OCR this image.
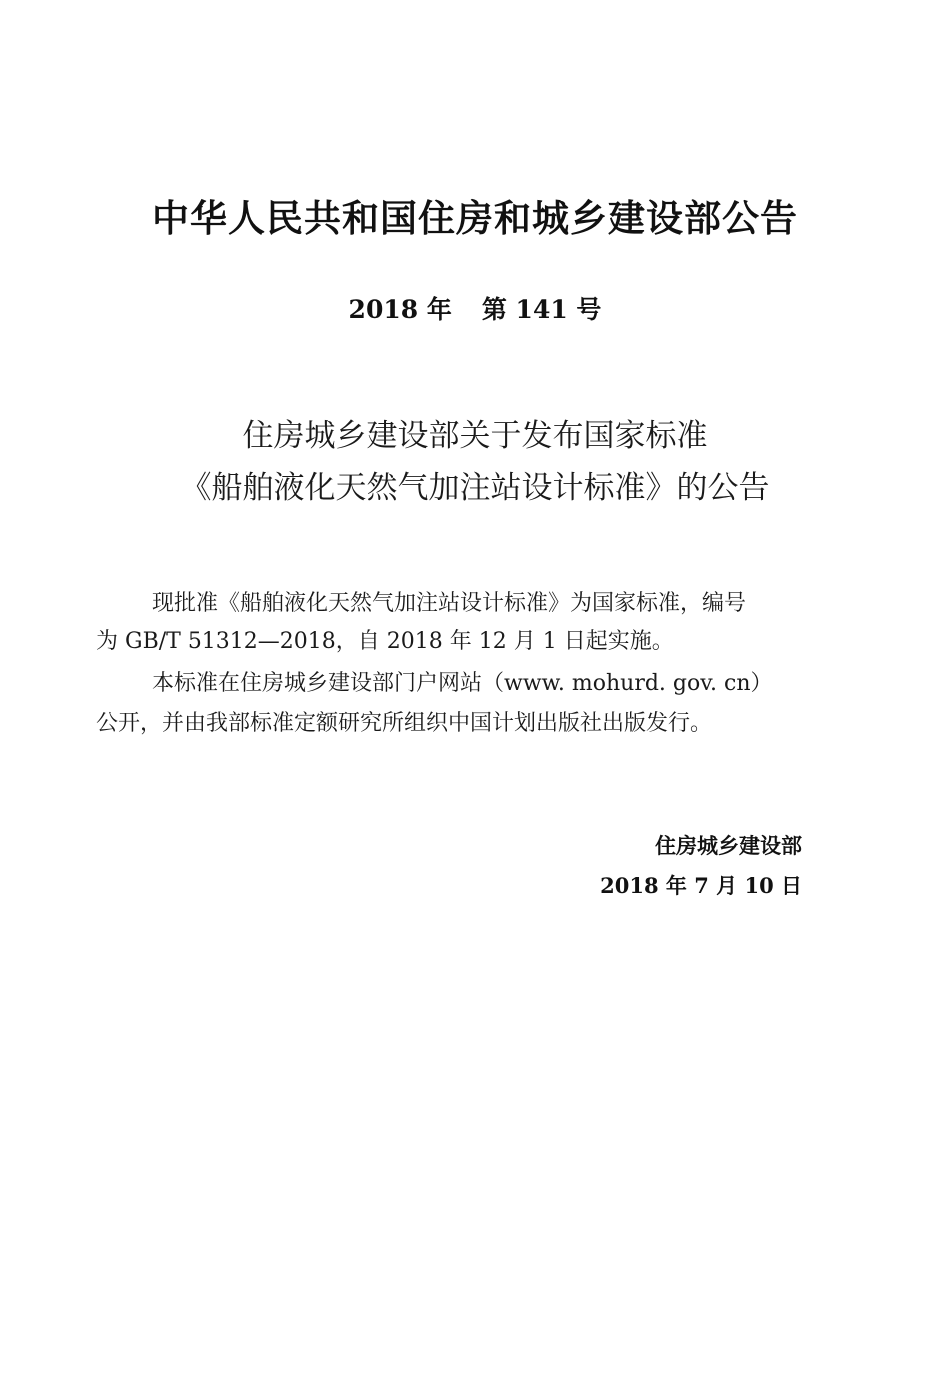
中华人民共和国住房和城乡建设部公告
2018 年 第 141 号
住房城乡建设部关于发布国家标准
《船舶液化天然气加注站设计标准》的公告
现批准《船舶液化天然气加注站设计标准》为国家标准，编号
为 GB/T 51312—2018，自 2018 年 12 月 1 日起实施。
本标准在住房城乡建设部门户网站（www. mohurd. gov. cn）
公开，并由我部标准定额研究所组织中国计划出版社出版发行。
住房城乡建设部
2018 年 7 月 10 日
